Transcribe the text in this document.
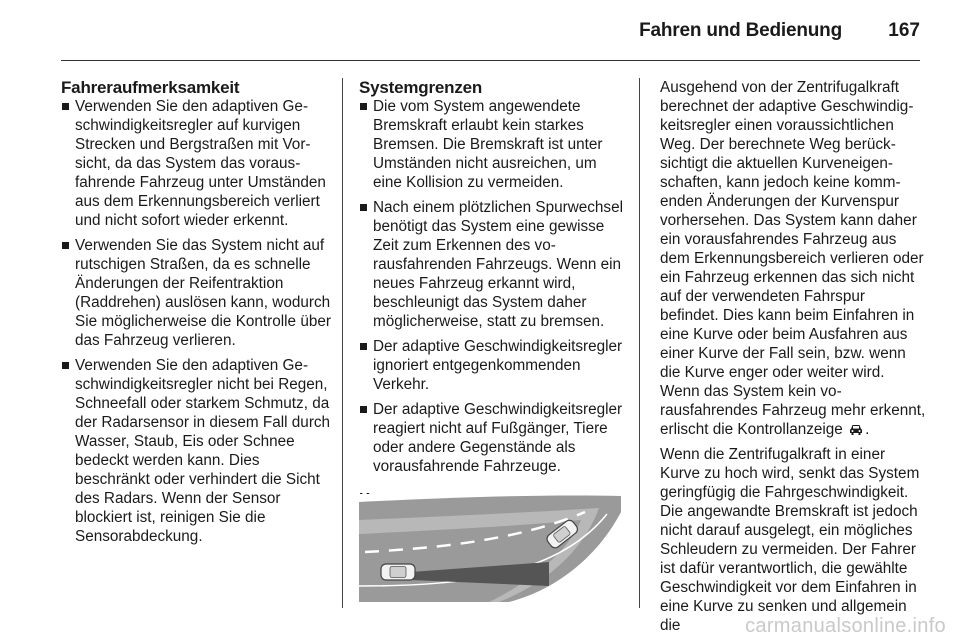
Fahren und Bedienung 167
Fahreraufmerksamkeit
Verwenden Sie den adaptiven Geschwindigkeitsregler auf kurvigen Strecken und Bergstraßen mit Vorsicht, da das System das vorausfahrende Fahrzeug unter Umständen aus dem Erkennungsbereich verliert und nicht sofort wieder erkennt.
Verwenden Sie das System nicht auf rutschigen Straßen, da es schnelle Änderungen der Reifentraktion (Raddrehen) auslösen kann, wodurch Sie möglicherweise die Kontrolle über das Fahrzeug verlieren.
Verwenden Sie den adaptiven Geschwindigkeitsregler nicht bei Regen, Schneefall oder starkem Schmutz, da der Radarsensor in diesem Fall durch Wasser, Staub, Eis oder Schnee bedeckt werden kann. Dies beschränkt oder verhindert die Sicht des Radars. Wenn der Sensor blockiert ist, reinigen Sie die Sensorabdeckung.
Systemgrenzen
Die vom System angewendete Bremskraft erlaubt kein starkes Bremsen. Die Bremskraft ist unter Umständen nicht ausreichen, um eine Kollision zu vermeiden.
Nach einem plötzlichen Spurwechsel benötigt das System eine gewisse Zeit zum Erkennen des vorausfahrenden Fahrzeugs. Wenn ein neues Fahrzeug erkannt wird, beschleunigt das System daher möglicherweise, statt zu bremsen.
Der adaptive Geschwindigkeitsregler ignoriert entgegenkommenden Verkehr.
Der adaptive Geschwindigkeitsregler reagiert nicht auf Fußgänger, Tiere oder andere Gegenstände als vorausfahrende Fahrzeuge.

Ausgehend von der Zentrifugalkraft berechnet der adaptive Geschwindigkeitsregler einen voraussichtlichen Weg. Der berechnete Weg berücksichtigt die aktuellen Kurveneigenschaften, kann jedoch keine kommenden Änderungen der Kurvenspur vorhersehen. Das System kann daher ein vorausfahrendes Fahrzeug aus dem Erkennungsbereich verlieren oder ein Fahrzeug erkennen das sich nicht auf der verwendeten Fahrspur befindet. Dies kann beim Einfahren in eine Kurve oder beim Ausfahren aus einer Kurve der Fall sein, bzw. wenn die Kurve enger oder weiter wird. Wenn das System kein vorausfahrendes Fahrzeug mehr erkennt, erlischt die Kontrollanzeige .

Wenn die Zentrifugalkraft in einer Kurve zu hoch wird, senkt das System geringfügig die Fahrgeschwindigkeit. Die angewandte Bremskraft ist jedoch nicht darauf ausgelegt, ein mögliches Schleudern zu vermeiden. Der Fahrer ist dafür verantwortlich, die gewählte Geschwindigkeit vor dem Einfahren in eine Kurve zu senken und allgemein die	carmanualsonline.info
